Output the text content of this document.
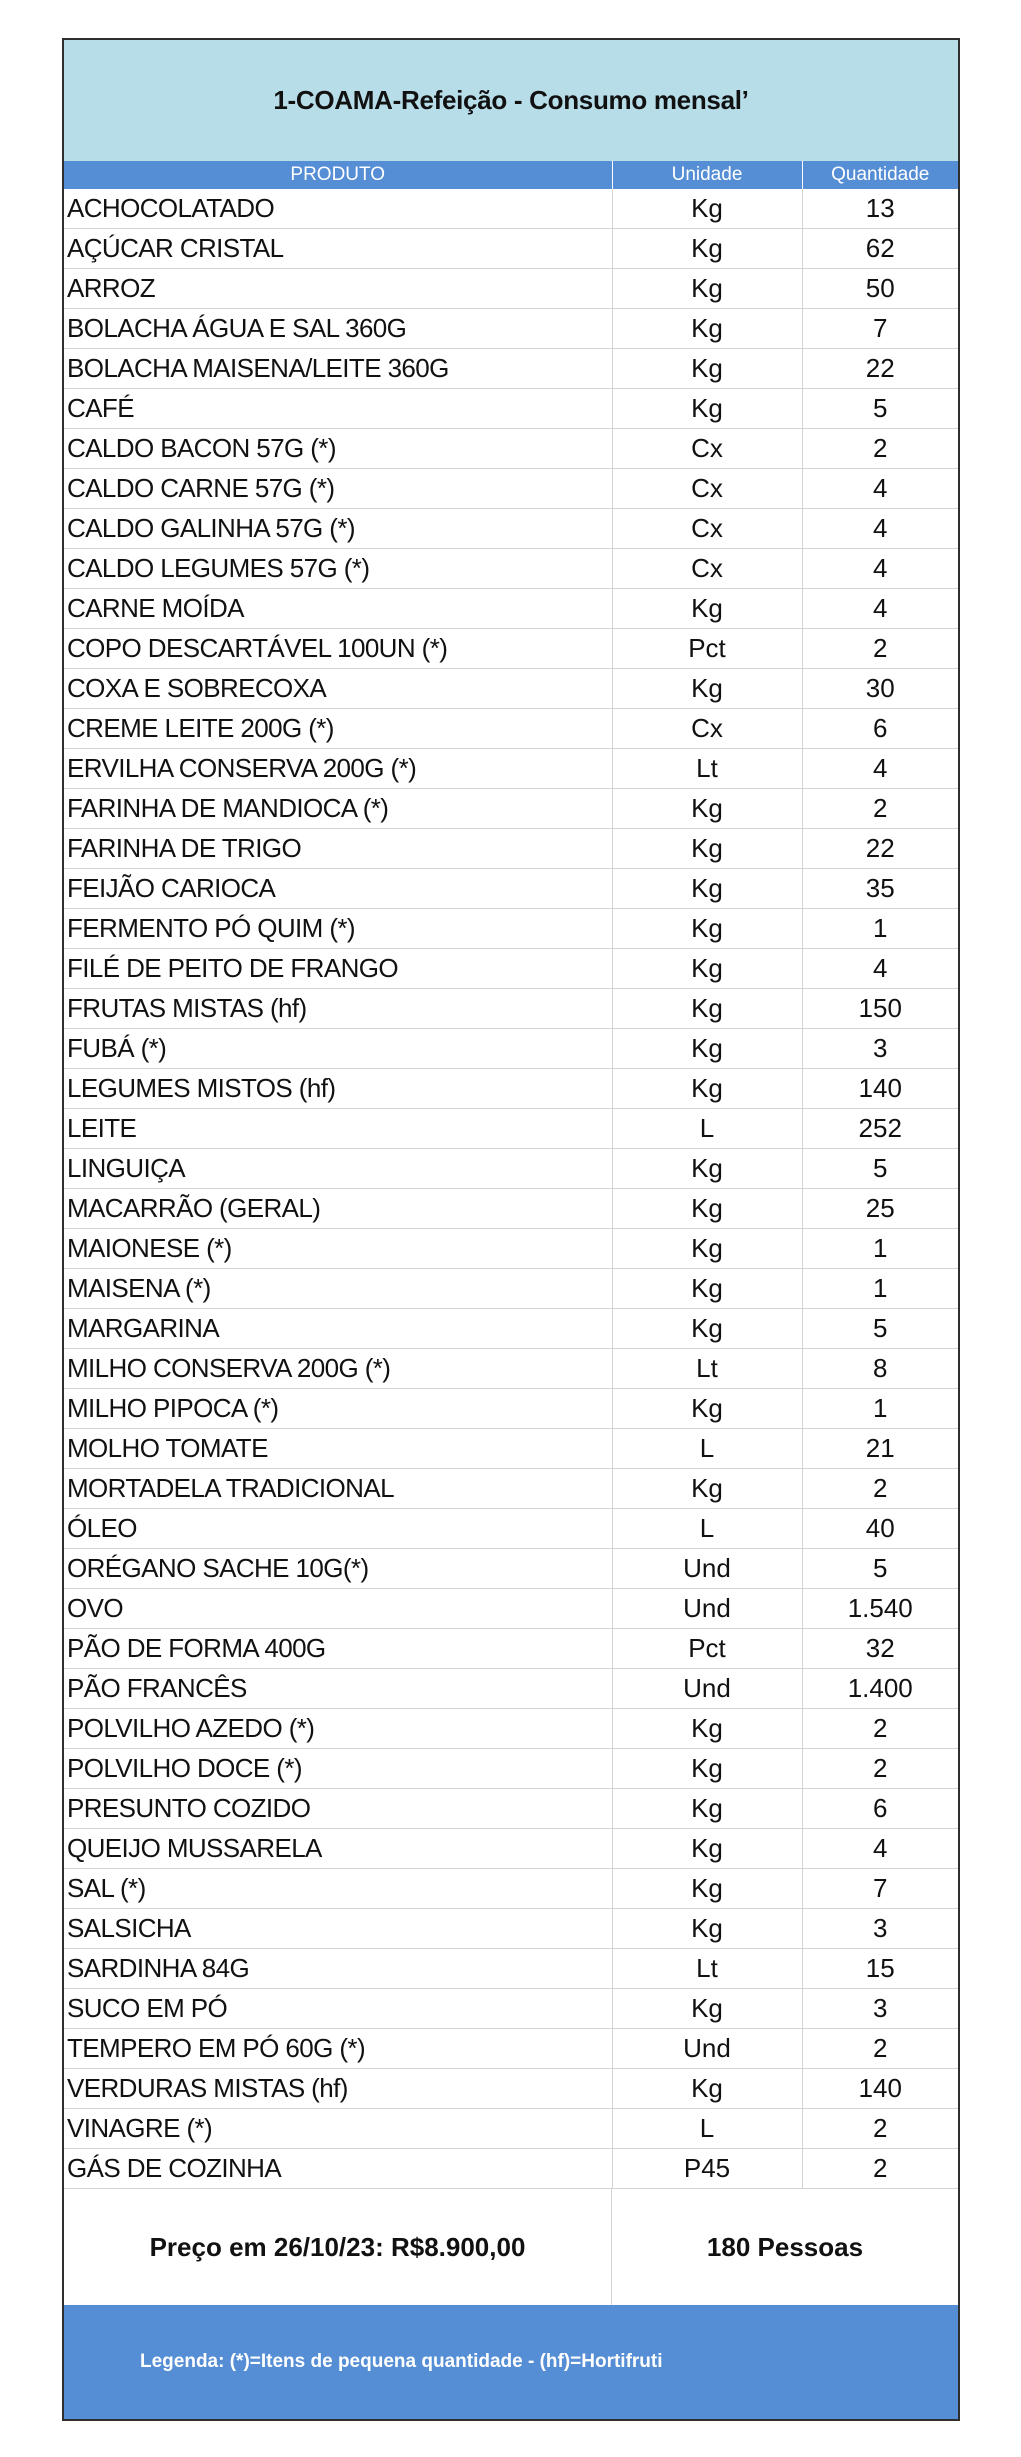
1-COAMA-Refeição - Consumo mensal’
PRODUTO	Unidade	Quantidade
ACHOCOLATADO	Kg	13
AÇÚCAR CRISTAL	Kg	62
ARROZ	Kg	50
BOLACHA ÁGUA E SAL 360G	Kg	7
BOLACHA MAISENA/LEITE 360G	Kg	22
CAFÉ	Kg	5
CALDO BACON 57G (*)	Cx	2
CALDO CARNE 57G (*)	Cx	4
CALDO GALINHA 57G (*)	Cx	4
CALDO LEGUMES 57G (*)	Cx	4
CARNE MOÍDA	Kg	4
COPO DESCARTÁVEL 100UN (*)	Pct	2
COXA E SOBRECOXA	Kg	30
CREME LEITE 200G (*)	Cx	6
ERVILHA CONSERVA 200G (*)	Lt	4
FARINHA DE MANDIOCA (*)	Kg	2
FARINHA DE TRIGO	Kg	22
FEIJÃO CARIOCA	Kg	35
FERMENTO PÓ QUIM (*)	Kg	1
FILÉ DE PEITO DE FRANGO	Kg	4
FRUTAS MISTAS (hf)	Kg	150
FUBÁ (*)	Kg	3
LEGUMES MISTOS (hf)	Kg	140
LEITE	L	252
LINGUIÇA	Kg	5
MACARRÃO (GERAL)	Kg	25
MAIONESE (*)	Kg	1
MAISENA (*)	Kg	1
MARGARINA	Kg	5
MILHO CONSERVA 200G (*)	Lt	8
MILHO PIPOCA (*)	Kg	1
MOLHO TOMATE	L	21
MORTADELA TRADICIONAL	Kg	2
ÓLEO	L	40
ORÉGANO SACHE 10G(*)	Und	5
OVO	Und	1.540
PÃO DE FORMA 400G	Pct	32
PÃO FRANCÊS	Und	1.400
POLVILHO AZEDO (*)	Kg	2
POLVILHO DOCE (*)	Kg	2
PRESUNTO COZIDO	Kg	6
QUEIJO MUSSARELA	Kg	4
SAL (*)	Kg	7
SALSICHA	Kg	3
SARDINHA 84G	Lt	15
SUCO EM PÓ	Kg	3
TEMPERO EM PÓ 60G (*)	Und	2
VERDURAS MISTAS (hf)	Kg	140
VINAGRE (*)	L	2
GÁS DE COZINHA	P45	2
Preço em 26/10/23: R$8.900,00	180 Pessoas
Legenda: (*)=Itens de pequena quantidade - (hf)=Hortifruti
